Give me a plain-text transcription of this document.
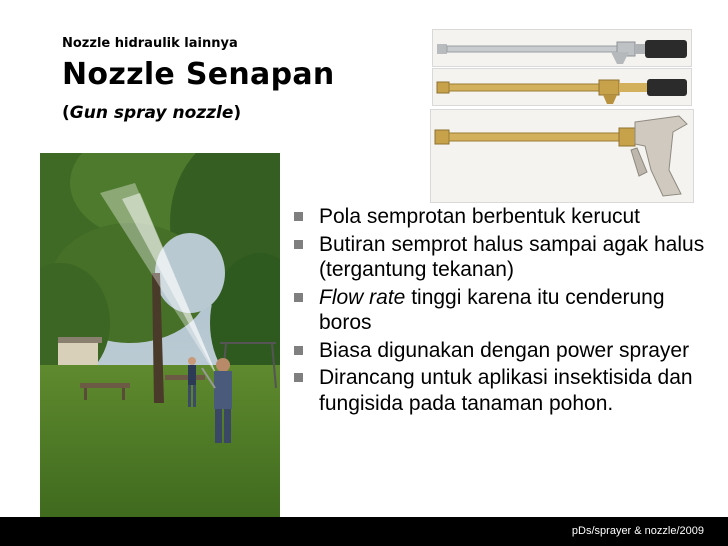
Nozzle hidraulik lainnya
Nozzle Senapan
(Gun spray nozzle)
Pola semprotan berbentuk kerucut
Butiran semprot halus sampai agak halus (tergantung tekanan)
Flow rate tinggi karena itu cenderung boros
Biasa digunakan dengan power sprayer
Dirancang untuk aplikasi insektisida dan fungisida pada tanaman pohon.
pDs/sprayer & nozzle/2009
